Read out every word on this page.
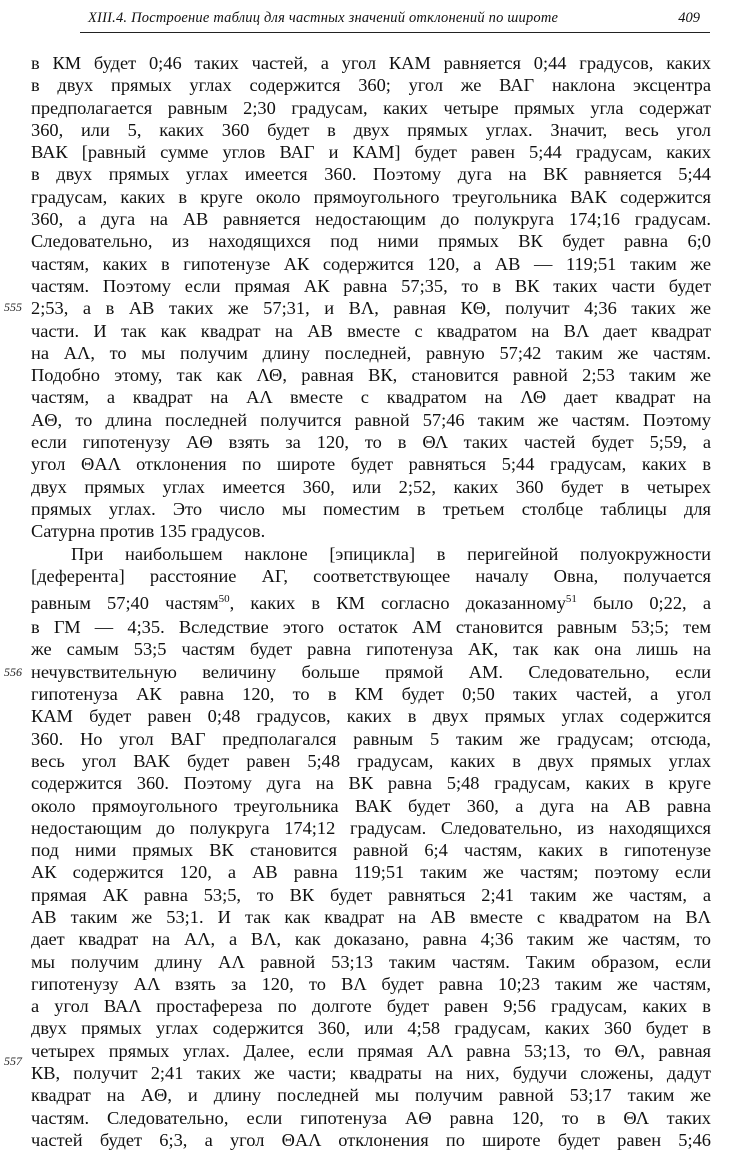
XIII.4. Построение таблиц для частных значений отклонений по широте	409
555
556
557
в КМ будет 0;46 таких частей, а угол КАМ равняется 0;44 градусов, каких
в двух прямых углах содержится 360; угол же ВАГ наклона эксцентра
предполагается равным 2;30 градусам, каких четыре прямых угла содержат
360, или 5, каких 360 будет в двух прямых углах. Значит, весь угол
ВАК [равный сумме углов ВАГ и КАМ] будет равен 5;44 градусам, каких
в двух прямых углах имеется 360. Поэтому дуга на ВК равняется 5;44
градусам, каких в круге около прямоугольного треугольника ВАК содержится
360, а дуга на АВ равняется недостающим до полукруга 174;16 градусам.
Следовательно, из находящихся под ними прямых ВК будет равна 6;0
частям, каких в гипотенузе АК содержится 120, а АВ — 119;51 таким же
частям. Поэтому если прямая АК равна 57;35, то в ВК таких части будет
2;53, а в АВ таких же 57;31, и ВΛ, равная КΘ, получит 4;36 таких же
части. И так как квадрат на АВ вместе с квадратом на ВΛ дает квадрат
на АΛ, то мы получим длину последней, равную 57;42 таким же частям.
Подобно этому, так как ΛΘ, равная ВК, становится равной 2;53 таким же
частям, а квадрат на АΛ вместе с квадратом на ΛΘ дает квадрат на
АΘ, то длина последней получится равной 57;46 таким же частям. Поэтому
если гипотенузу АΘ взять за 120, то в ΘΛ таких частей будет 5;59, а
угол ΘАΛ отклонения по широте будет равняться 5;44 градусам, каких в
двух прямых углах имеется 360, или 2;52, каких 360 будет в четырех
прямых углах. Это число мы поместим в третьем столбце таблицы для
Сатурна против 135 градусов.
При наибольшем наклоне [эпицикла] в перигейной полуокружности
[деферента] расстояние АГ, соответствующее началу Овна, получается
равным 57;40 частям$^{50}$, каких в КМ согласно доказанному$^{51}$ было 0;22, а
в ГМ — 4;35. Вследствие этого остаток АМ становится равным 53;5; тем
же самым 53;5 частям будет равна гипотенуза АК, так как она лишь на
нечувствительную величину больше прямой АМ. Следовательно, если
гипотенуза АК равна 120, то в КМ будет 0;50 таких частей, а угол
КАМ будет равен 0;48 градусов, каких в двух прямых углах содержится
360. Но угол ВАГ предполагался равным 5 таким же градусам; отсюда,
весь угол ВАК будет равен 5;48 градусам, каких в двух прямых углах
содержится 360. Поэтому дуга на ВК равна 5;48 градусам, каких в круге
около прямоугольного треугольника ВАК будет 360, а дуга на АВ равна
недостающим до полукруга 174;12 градусам. Следовательно, из находящихся
под ними прямых ВК становится равной 6;4 частям, каких в гипотенузе
АК содержится 120, а АВ равна 119;51 таким же частям; поэтому если
прямая АК равна 53;5, то ВК будет равняться 2;41 таким же частям, а
АВ таким же 53;1. И так как квадрат на АВ вместе с квадратом на ВΛ
дает квадрат на АΛ, а ВΛ, как доказано, равна 4;36 таким же частям, то
мы получим длину АΛ равной 53;13 таким частям. Таким образом, если
гипотенузу АΛ взять за 120, то ВΛ будет равна 10;23 таким же частям,
а угол ВАΛ простафереза по долготе будет равен 9;56 градусам, каких в
двух прямых углах содержится 360, или 4;58 градусам, каких 360 будет в
четырех прямых углах. Далее, если прямая АΛ равна 53;13, то ΘΛ, равная
КВ, получит 2;41 таких же части; квадраты на них, будучи сложены, дадут
квадрат на АΘ, и длину последней мы получим равной 53;17 таким же
частям. Следовательно, если гипотенуза АΘ равна 120, то в ΘΛ таких
частей будет 6;3, а угол ΘАΛ отклонения по широте будет равен 5;46
